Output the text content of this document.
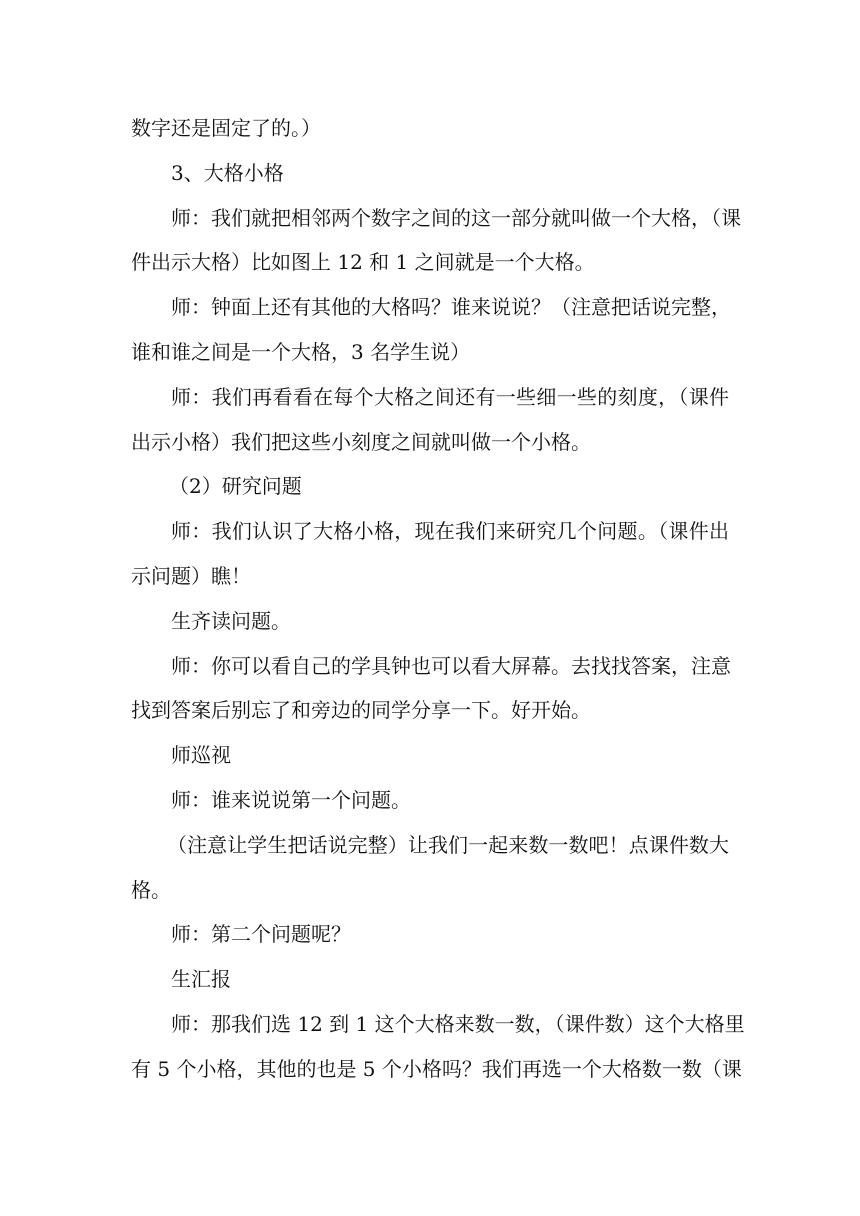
数字还是固定了的。）
3、大格小格
师：我们就把相邻两个数字之间的这一部分就叫做一个大格，（课
件出示大格）比如图上 12 和 1 之间就是一个大格。
师：钟面上还有其他的大格吗？谁来说说？（注意把话说完整，
谁和谁之间是一个大格，3 名学生说）
师：我们再看看在每个大格之间还有一些细一些的刻度，（课件
出示小格）我们把这些小刻度之间就叫做一个小格。
（2）研究问题
师：我们认识了大格小格，现在我们来研究几个问题。（课件出
示问题）瞧！
生齐读问题。
师：你可以看自己的学具钟也可以看大屏幕。去找找答案，注意
找到答案后别忘了和旁边的同学分享一下。好开始。
师巡视
师：谁来说说第一个问题。
（注意让学生把话说完整）让我们一起来数一数吧！点课件数大
格。
师：第二个问题呢？
生汇报
师：那我们选 12 到 1 这个大格来数一数，（课件数）这个大格里
有 5 个小格，其他的也是 5 个小格吗？我们再选一个大格数一数（课
